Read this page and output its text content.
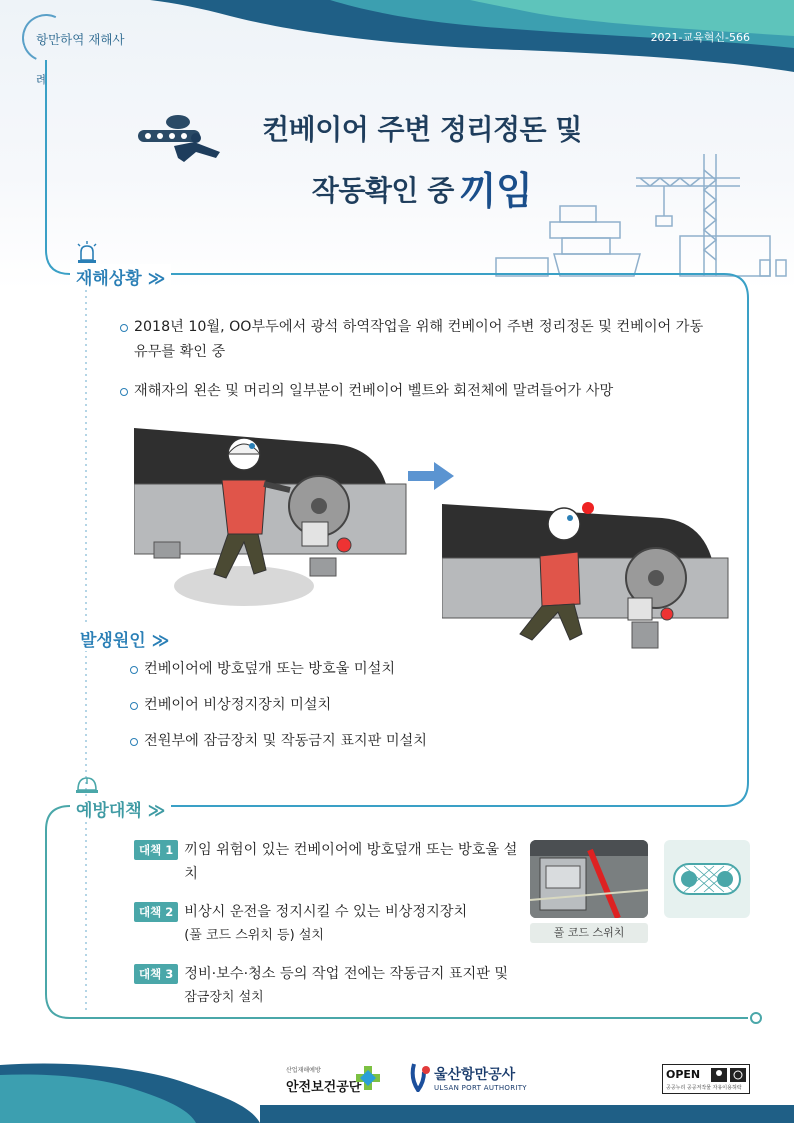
항만하역 재해사례
2021-교육혁신-566
컨베이어 주변 정리정돈 및
작동확인 중 끼임
재해상황 ≫
2018년 10월, OO부두에서 광석 하역작업을 위해 컨베이어 주변 정리정돈 및 컨베이어 가동 유무를 확인 중
재해자의 왼손 및 머리의 일부분이 컨베이어 벨트와 회전체에 말려들어가 사망
발생원인 ≫
컨베이어에 방호덮개 또는 방호울 미설치
컨베이어 비상정지장치 미설치
전원부에 잠금장치 및 작동금지 표지판 미설치
예방대책 ≫
대책 1 끼임 위험이 있는 컨베이어에 방호덮개 또는 방호울 설치
대책 2 비상시 운전을 정지시킬 수 있는 비상정지장치
(풀 코드 스위치 등) 설치
대책 3 정비·보수·청소 등의 작업 전에는 작동금지 표지판 및
잠금장치 설치
풀 코드 스위치
산업재해예방
안전보건공단
울산항만공사
ULSAN PORT AUTHORITY
OPEN
공공누리 공공저작물 자유이용허락
